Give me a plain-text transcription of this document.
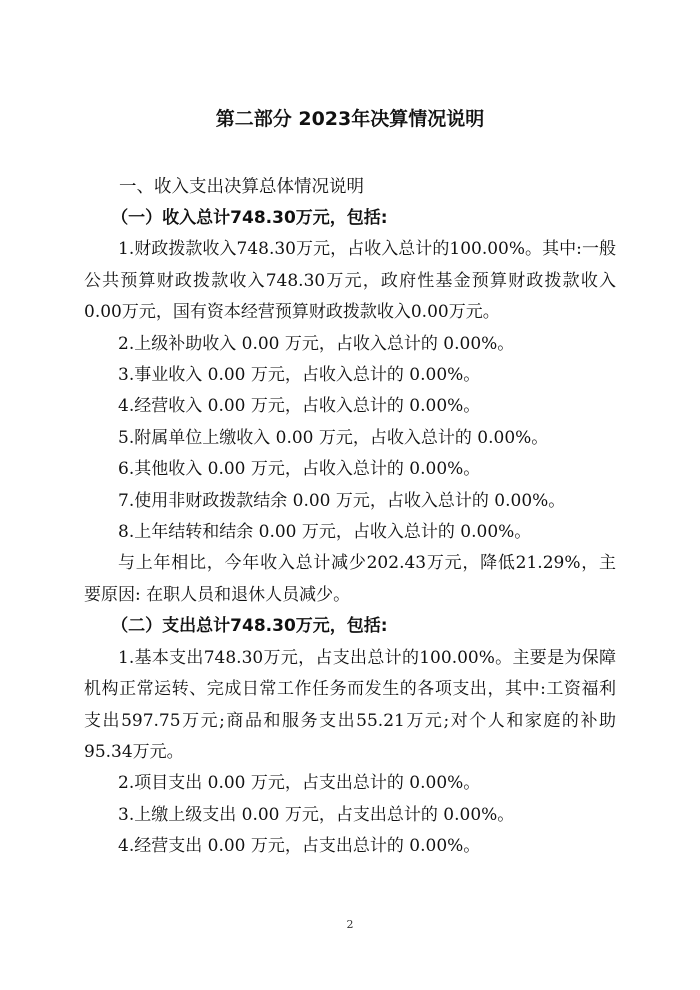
第二部分 2023年决算情况说明

一、收入支出决算总体情况说明

（一）收入总计748.30万元，包括:

1.财政拨款收入748.30万元，占收入总计的100.00%。其中:一般公共预算财政拨款收入748.30万元，政府性基金预算财政拨款收入0.00万元，国有资本经营预算财政拨款收入0.00万元。

2.上级补助收入 0.00 万元，占收入总计的 0.00%。

3.事业收入 0.00 万元，占收入总计的 0.00%。

4.经营收入 0.00 万元，占收入总计的 0.00%。

5.附属单位上缴收入 0.00 万元，占收入总计的 0.00%。

6.其他收入 0.00 万元，占收入总计的 0.00%。

7.使用非财政拨款结余 0.00 万元，占收入总计的 0.00%。

8.上年结转和结余 0.00 万元，占收入总计的 0.00%。

与上年相比，今年收入总计减少202.43万元，降低21.29%，主要原因: 在职人员和退休人员减少。

（二）支出总计748.30万元，包括:

1.基本支出748.30万元，占支出总计的100.00%。主要是为保障机构正常运转、完成日常工作任务而发生的各项支出，其中:工资福利支出597.75万元;商品和服务支出55.21万元;对个人和家庭的补助95.34万元。

2.项目支出 0.00 万元，占支出总计的 0.00%。

3.上缴上级支出 0.00 万元，占支出总计的 0.00%。

4.经营支出 0.00 万元，占支出总计的 0.00%。

2
